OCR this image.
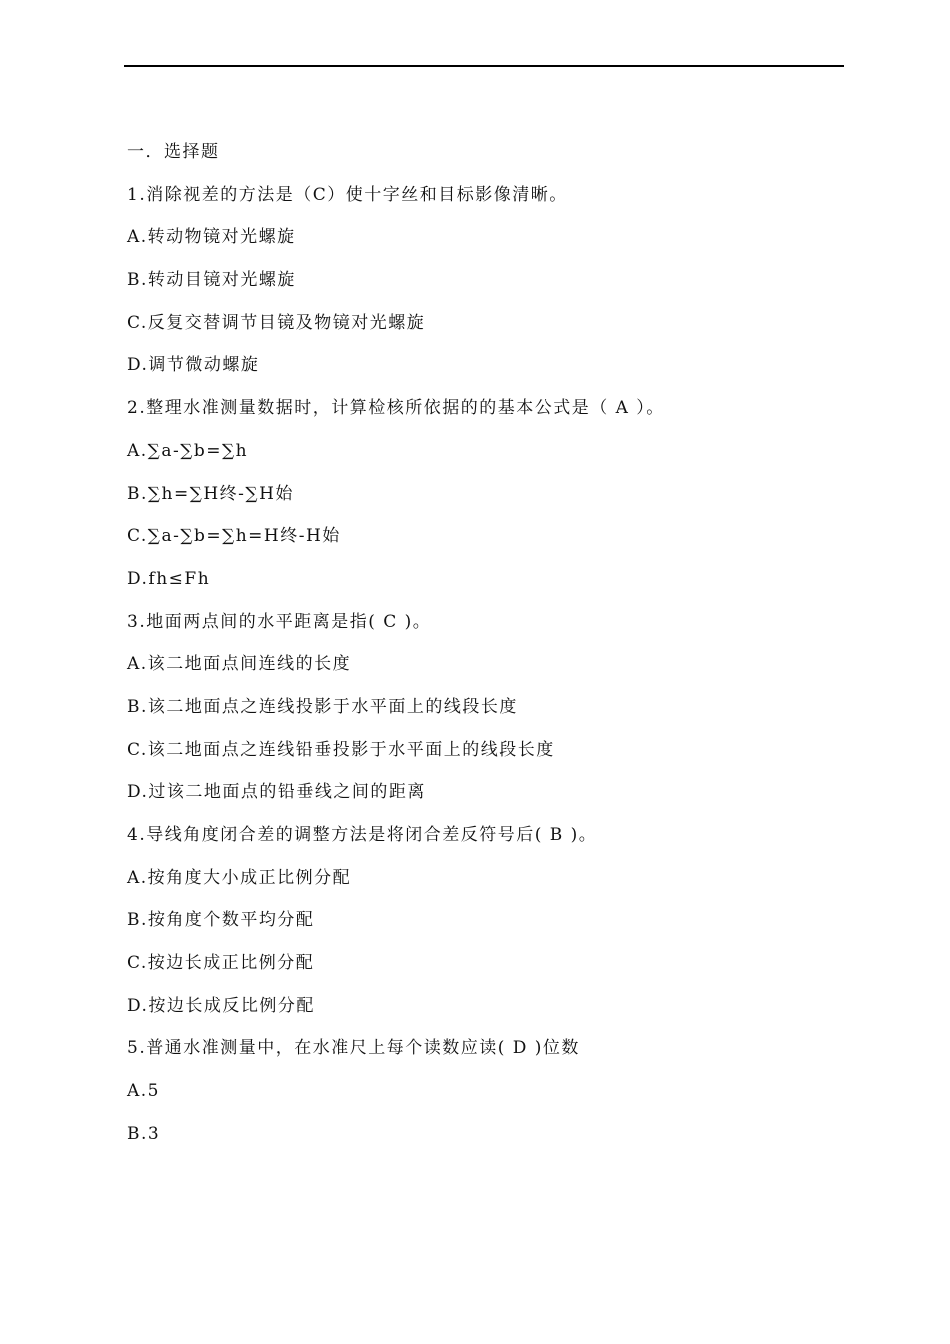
一．选择题
1.消除视差的方法是（C）使十字丝和目标影像清晰。
A.转动物镜对光螺旋
B.转动目镜对光螺旋
C.反复交替调节目镜及物镜对光螺旋
D.调节微动螺旋
2.整理水准测量数据时，计算检核所依据的的基本公式是（ A ）。
A.∑a-∑b=∑h
B.∑h=∑H终-∑H始
C.∑a-∑b=∑h=H终-H始
D.fh≤Fh
3.地面两点间的水平距离是指( C )。
A.该二地面点间连线的长度
B.该二地面点之连线投影于水平面上的线段长度
C.该二地面点之连线铅垂投影于水平面上的线段长度
D.过该二地面点的铅垂线之间的距离
4.导线角度闭合差的调整方法是将闭合差反符号后( B )。
A.按角度大小成正比例分配
B.按角度个数平均分配
C.按边长成正比例分配
D.按边长成反比例分配
5.普通水准测量中，在水准尺上每个读数应读( D )位数
A.5
B.3
